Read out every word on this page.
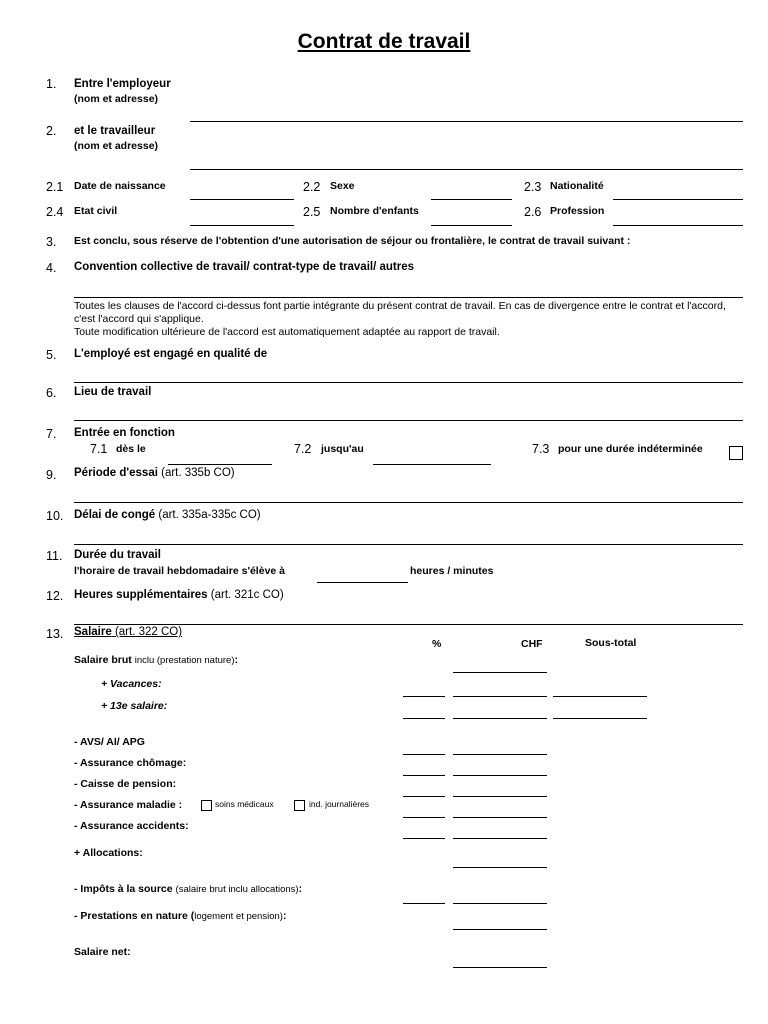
Contrat de travail
1. Entre l'employeur
(nom et adresse)
2. et le travailleur
(nom et adresse)
2.1 Date de naissance	2.2 Sexe	2.3 Nationalité
2.4 Etat civil	2.5 Nombre d'enfants	2.6 Profession
3. Est conclu, sous réserve de l'obtention d'une autorisation de séjour ou frontalière, le contrat de travail suivant :
4. Convention collective de travail/ contrat-type de travail/ autres
Toutes les clauses de l'accord ci-dessus font partie intégrante du présent contrat de travail. En cas de divergence entre le contrat et l'accord, c'est l'accord qui s'applique.
Toute modification ultérieure de l'accord est automatiquement adaptée au rapport de travail.
5. L'employé est engagé en qualité de
6. Lieu de travail
7. Entrée en fonction
7.1 dès le	7.2 jusqu'au	7.3 pour une durée indéterminée
9. Période d'essai (art. 335b CO)
10. Délai de congé (art. 335a-335c CO)
11. Durée du travail
l'horaire de travail hebdomadaire s'élève à	heures / minutes
12. Heures supplémentaires (art. 321c CO)
13. Salaire (art. 322 CO)
%	CHF	Sous-total
Salaire brut inclu (prestation nature):
+ Vacances:
+ 13e salaire:
- AVS/ AI/ APG
- Assurance chômage:
- Caisse de pension:
- Assurance maladie :	soins médicaux	ind. journalières
- Assurance accidents:
+ Allocations:
- Impôts à la source (salaire brut inclu allocations):
- Prestations en nature (logement et pension):
Salaire net:
